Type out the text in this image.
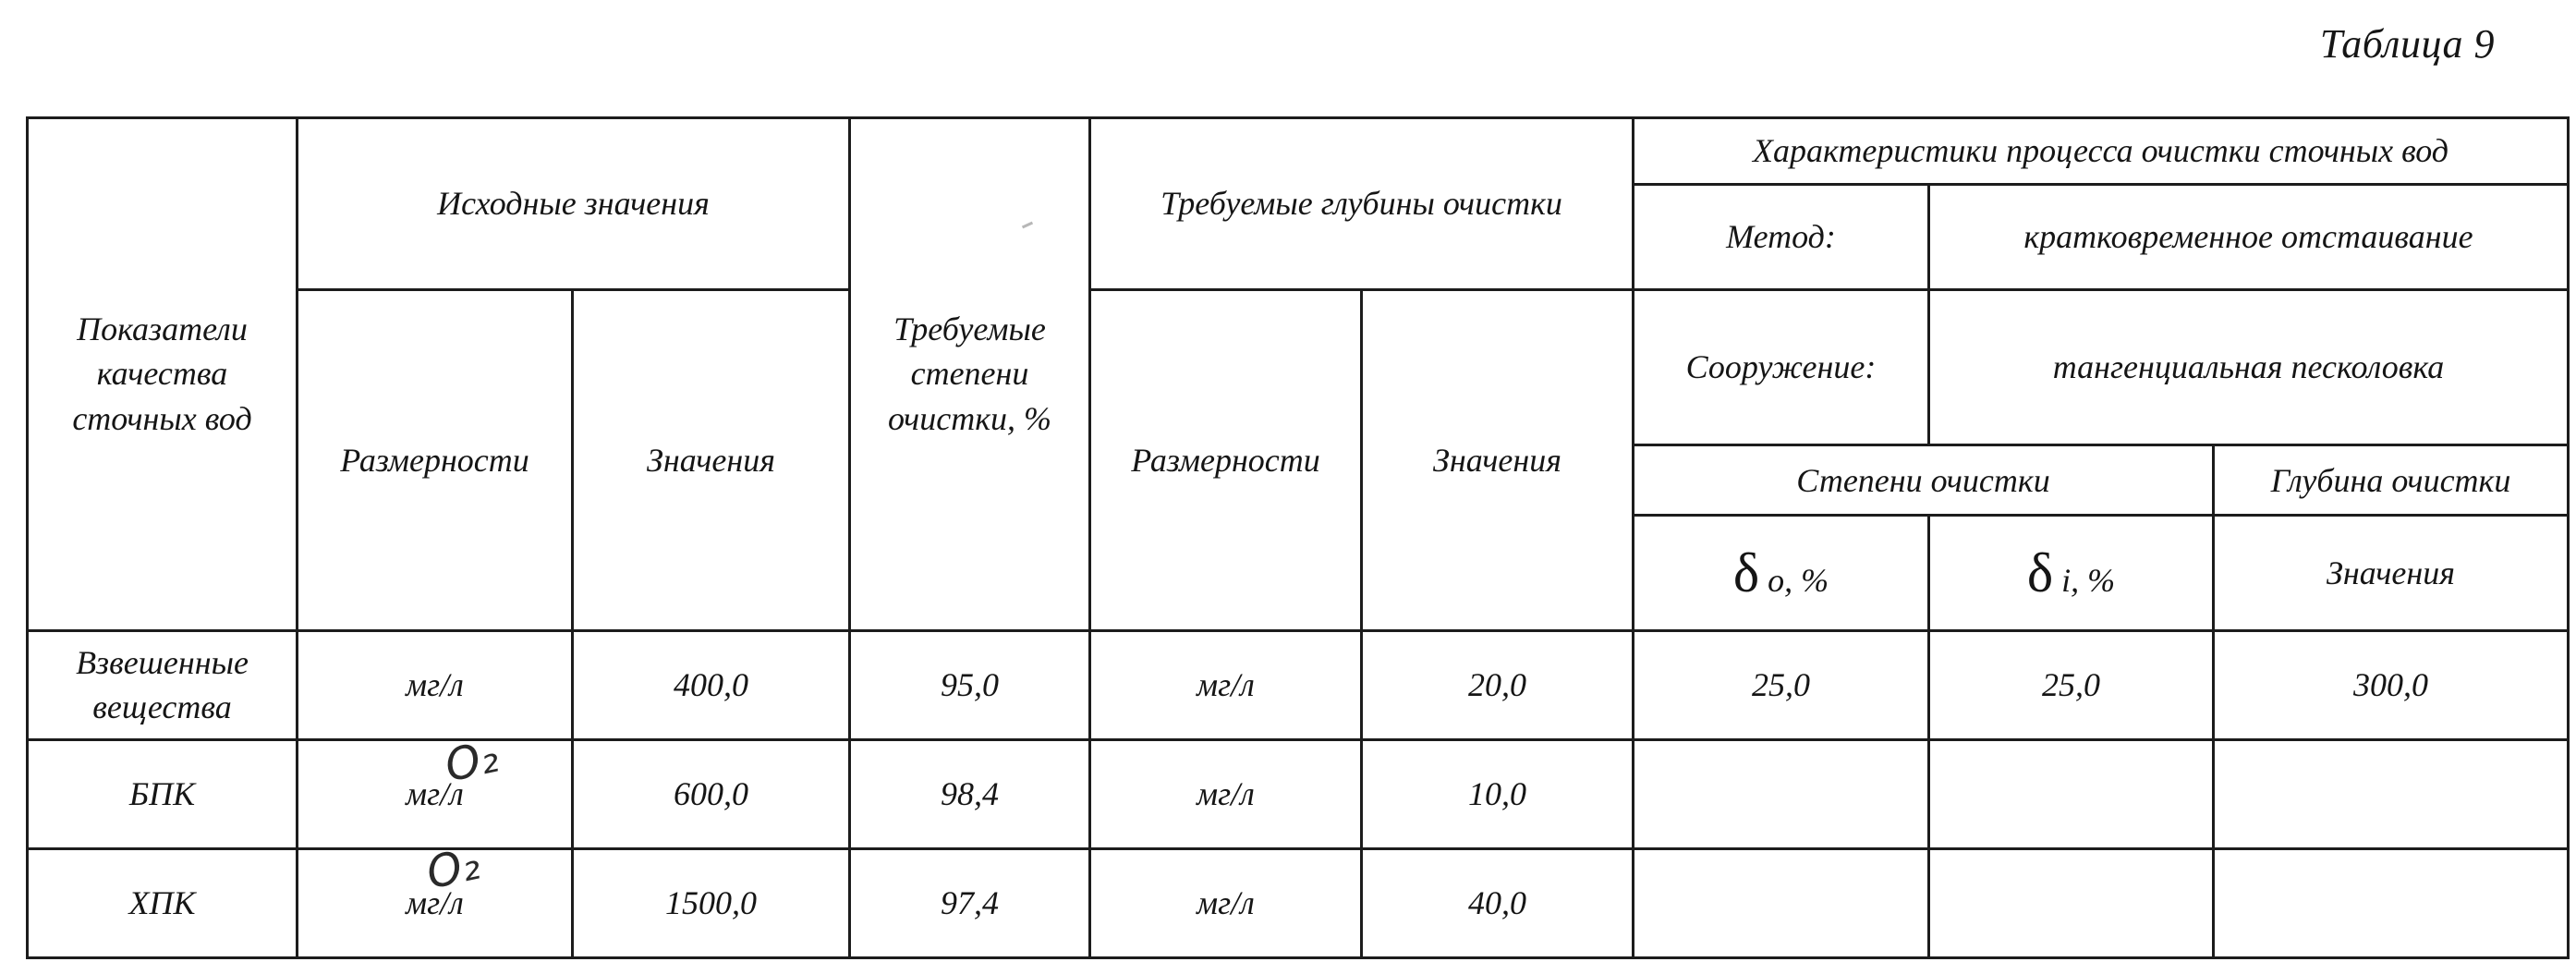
Таблица 9
Показатели качества сточных вод	Исходные значения		Требуемые степени очистки, %	Требуемые глубины очистки		Характеристики процесса очистки сточных вод		
						Метод:	кратковременное отстаивание	
	Размерности	Значения		Размерности	Значения	Сооружение:	тангенциальная песколовка	
						Степени очистки		Глубина очистки
						δ о, %	δ i, %	Значения
Взвешенные вещества	мг/л	400,0	95,0	мг/л	20,0	25,0	25,0	300,0
БПК	мг/л	600,0	98,4	мг/л	10,0			
ХПК	мг/л	1500,0	97,4	мг/л	40,0			
О₂
О₂
